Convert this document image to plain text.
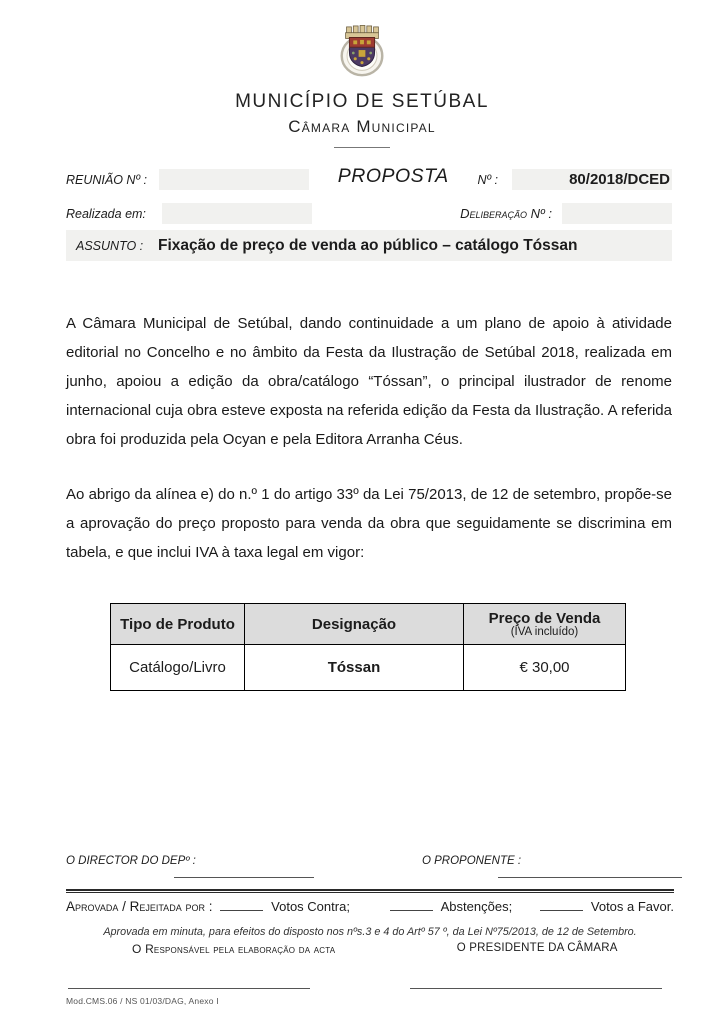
MUNICÍPIO DE SETÚBAL
Câmara Municipal
REUNIÃO Nº :	PROPOSTA	Nº :	80/2018/DCED
Realizada em:	Deliberação Nº :
ASSUNTO : Fixação de preço de venda ao público – catálogo Tóssan

A Câmara Municipal de Setúbal, dando continuidade a um plano de apoio à atividade editorial no Concelho e no âmbito da Festa da Ilustração de Setúbal 2018, realizada em junho, apoiou a edição da obra/catálogo “Tóssan”, o principal ilustrador de renome internacional cuja obra esteve exposta na referida edição da Festa da Ilustração. A referida obra foi produzida pela Ocyan e pela Editora Arranha Céus.

Ao abrigo da alínea e) do n.º 1 do artigo 33º da Lei 75/2013, de 12 de setembro, propõe-se a aprovação do preço proposto para venda da obra que seguidamente se discrimina em tabela, e que inclui IVA à taxa legal em vigor:

Tipo de Produto	Designação	Preço de Venda
(IVA incluído)

Catálogo/Livro	Tóssan	€ 30,00
O DIRECTOR DO DEPº :	O PROPONENTE :
Aprovada / Rejeitada por :	Votos Contra;	Abstenções;	Votos a Favor.
Aprovada em minuta, para efeitos do disposto nos nºs.3 e 4 do Artº 57 º, da Lei Nº75/2013, de 12 de Setembro.
O Responsável pela elaboração da acta	O PRESIDENTE DA CÂMARA
Mod.CMS.06 / NS 01/03/DAG, Anexo I
